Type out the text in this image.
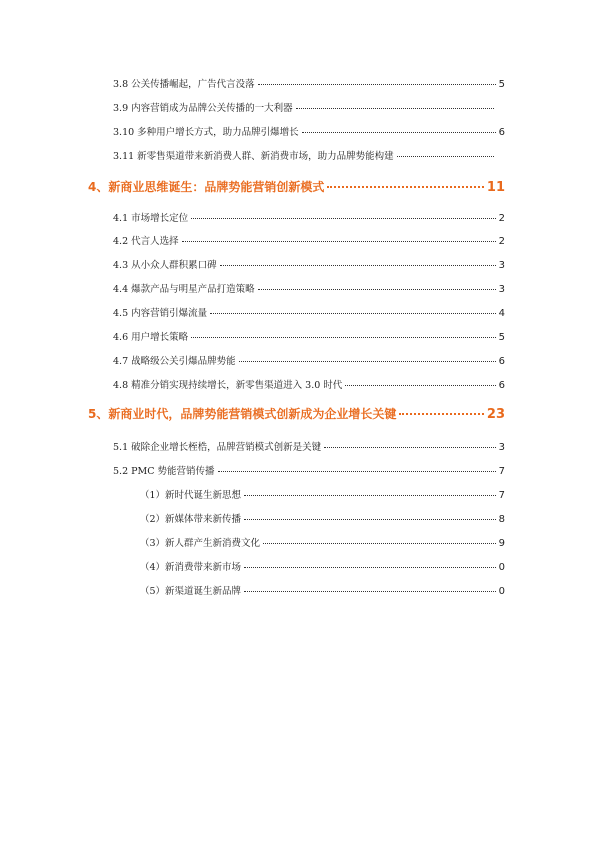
3.8 公关传播崛起，广告代言没落	5
3.9 内容营销成为品牌公关传播的一大利器
3.10 多种用户增长方式，助力品牌引爆增长	6
3.11 新零售渠道带来新消费人群、新消费市场，助力品牌势能构建
4、新商业思维诞生：品牌势能营销创新模式	11
4.1 市场增长定位	2
4.2 代言人选择	2
4.3 从小众人群积累口碑	3
4.4 爆款产品与明星产品打造策略	3
4.5 内容营销引爆流量	4
4.6 用户增长策略	5
4.7 战略级公关引爆品牌势能	6
4.8 精准分销实现持续增长，新零售渠道进入 3.0 时代	6
5、新商业时代，品牌势能营销模式创新成为企业增长关键	23
5.1 破除企业增长桎梏，品牌营销模式创新是关键	3
5.2 PMC 势能营销传播	7
（1）新时代诞生新思想	7
（2）新媒体带来新传播	8
（3）新人群产生新消费文化	9
（4）新消费带来新市场	0
（5）新渠道诞生新品牌	0
